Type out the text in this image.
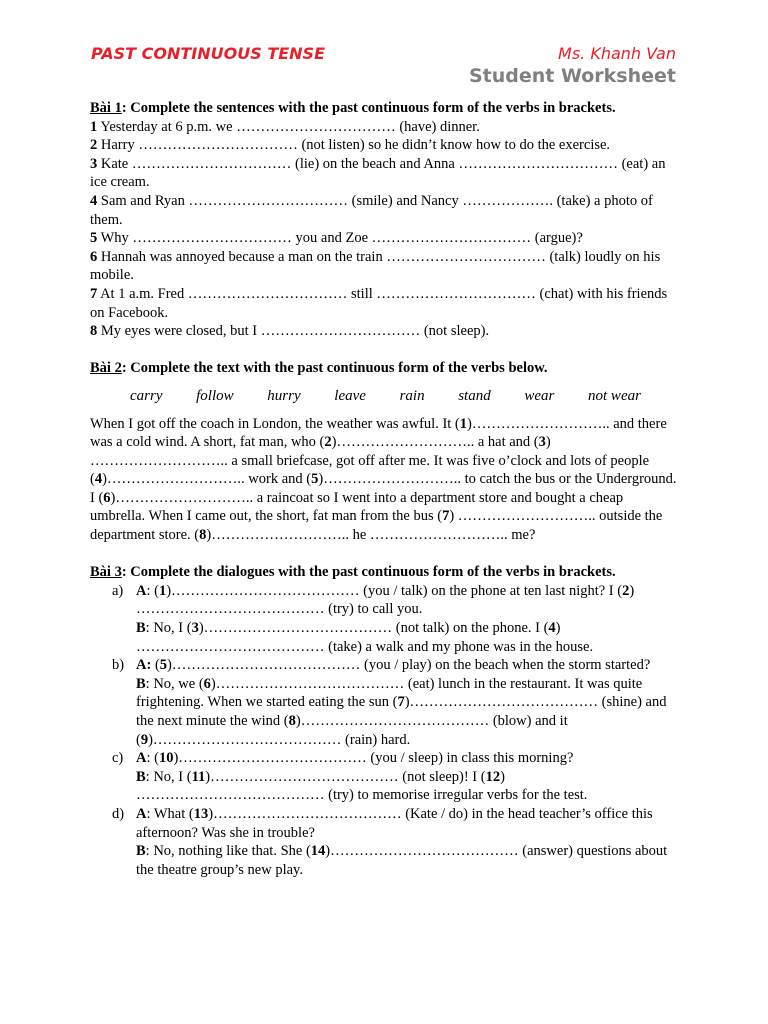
PAST CONTINUOUS TENSE	Ms. Khanh Van
Student Worksheet

Bài 1: Complete the sentences with the past continuous form of the verbs in brackets.

1 Yesterday at 6 p.m. we …………………………… (have) dinner.

2 Harry …………………………… (not listen) so he didn’t know how to do the exercise.

3 Kate …………………………… (lie) on the beach and Anna …………………………… (eat) an ice cream.

4 Sam and Ryan …………………………… (smile) and Nancy ………………. (take) a photo of them.

5 Why …………………………… you and Zoe …………………………… (argue)?

6 Hannah was annoyed because a man on the train …………………………… (talk) loudly on his mobile.

7 At 1 a.m. Fred …………………………… still …………………………… (chat) with his friends on Facebook.

8 My eyes were closed, but I …………………………… (not sleep).

Bài 2: Complete the text with the past continuous form of the verbs below.

carry follow hurry leave rain stand wear not wear

When I got off the coach in London, the weather was awful. It (1)……………………….. and there was a cold wind. A short, fat man, who (2)……………………….. a hat and (3) ……………………….. a small briefcase, got off after me. It was five o’clock and lots of people (4)……………………….. work and (5)……………………….. to catch the bus or the Underground. I (6)……………………….. a raincoat so I went into a department store and bought a cheap umbrella. When I came out, the short, fat man from the bus (7) ……………………….. outside the department store. (8)……………………….. he ……………………….. me?

Bài 3: Complete the dialogues with the past continuous form of the verbs in brackets.

a) A: (1)………………………………… (you / talk) on the phone at ten last night? I (2) ………………………………… (try) to call you.

B: No, I (3)………………………………… (not talk) on the phone. I (4) ………………………………… (take) a walk and my phone was in the house.

b) A: (5)………………………………… (you / play) on the beach when the storm started?

B: No, we (6)………………………………… (eat) lunch in the restaurant. It was quite frightening. When we started eating the sun (7)………………………………… (shine) and the next minute the wind (8)………………………………… (blow) and it (9)………………………………… (rain) hard.

c) A: (10)………………………………… (you / sleep) in class this morning?

B: No, I (11)………………………………… (not sleep)! I (12) ………………………………… (try) to memorise irregular verbs for the test.

d) A: What (13)………………………………… (Kate / do) in the head teacher’s office this afternoon? Was she in trouble?

B: No, nothing like that. She (14)………………………………… (answer) questions about the theatre group’s new play.
